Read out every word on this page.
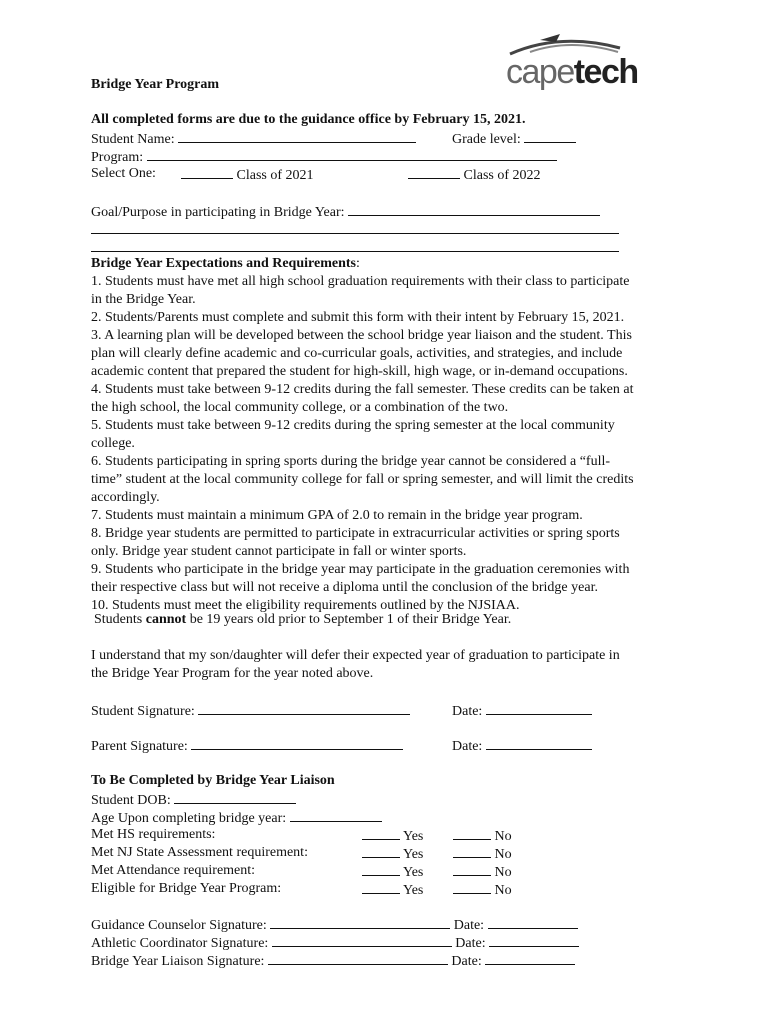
capetech
Bridge Year Program
All completed forms are due to the guidance office by February 15, 2021.
Student Name:	Grade level:
Program:
Select One:	Class of 2021	Class of 2022
Goal/Purpose in participating in Bridge Year:
Bridge Year Expectations and Requirements:
1. Students must have met all high school graduation requirements with their class to participate
in the Bridge Year.
2. Students/Parents must complete and submit this form with their intent by February 15, 2021.
3. A learning plan will be developed between the school bridge year liaison and the student. This
plan will clearly define academic and co-curricular goals, activities, and strategies, and include
academic content that prepared the student for high-skill, high wage, or in-demand occupations.
4. Students must take between 9-12 credits during the fall semester. These credits can be taken at
the high school, the local community college, or a combination of the two.
5. Students must take between 9-12 credits during the spring semester at the local community
college.
6. Students participating in spring sports during the bridge year cannot be considered a “full-
time” student at the local community college for fall or spring semester, and will limit the credits
accordingly.
7. Students must maintain a minimum GPA of 2.0 to remain in the bridge year program.
8. Bridge year students are permitted to participate in extracurricular activities or spring sports
only. Bridge year student cannot participate in fall or winter sports.
9. Students who participate in the bridge year may participate in the graduation ceremonies with
their respective class but will not receive a diploma until the conclusion of the bridge year.
10. Students must meet the eligibility requirements outlined by the NJSIAA.
Students cannot be 19 years old prior to September 1 of their Bridge Year.
I understand that my son/daughter will defer their expected year of graduation to participate in
the Bridge Year Program for the year noted above.
Student Signature:	Date:
Parent Signature:	Date:
To Be Completed by Bridge Year Liaison
Student DOB:
Age Upon completing bridge year:
Met HS requirements:	Yes	No
Met NJ State Assessment requirement:	Yes	No
Met Attendance requirement:	Yes	No
Eligible for Bridge Year Program:	Yes	No
Guidance Counselor Signature:	Date:
Athletic Coordinator Signature:	Date:
Bridge Year Liaison Signature:	Date:
